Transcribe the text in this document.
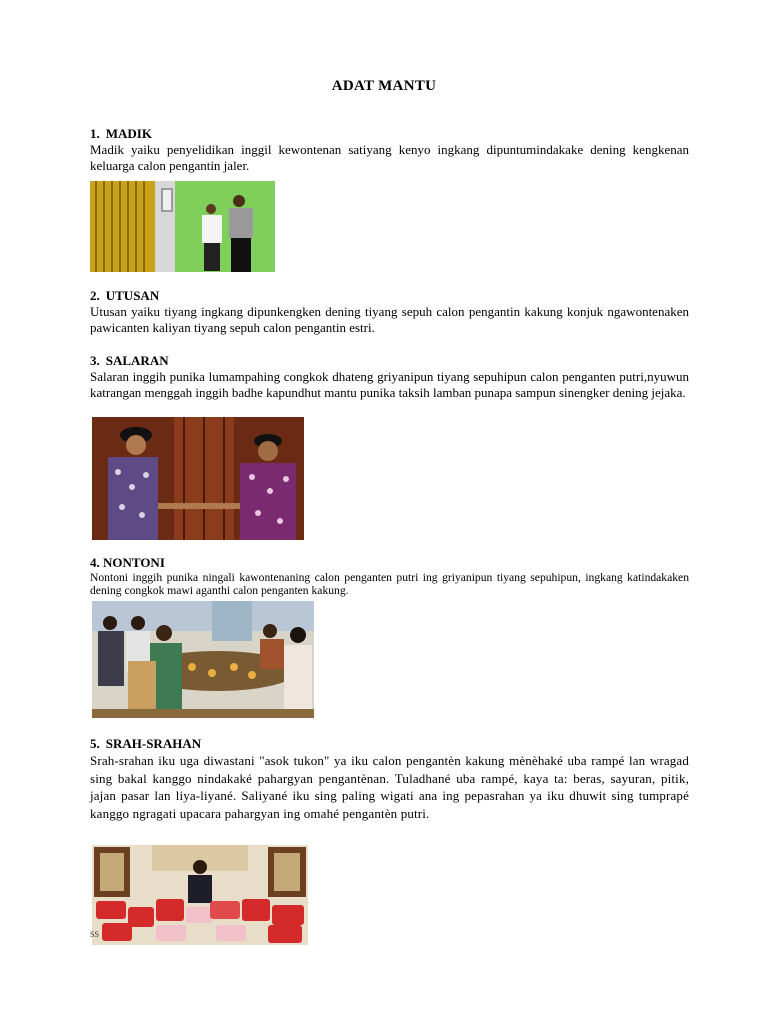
ADAT MANTU
1. MADIK
Madik yaiku penyelidikan inggil kewontenan satiyang kenyo ingkang dipuntumindakake dening kengkenan keluarga calon pengantin jaler.
2. UTUSAN
Utusan yaiku tiyang ingkang dipunkengken dening tiyang sepuh calon pengantin kakung konjuk ngawontenaken pawicanten kaliyan tiyang sepuh calon pengantin estri.
3. SALARAN
Salaran inggih punika lumampahing congkok dhateng griyanipun tiyang sepuhipun calon penganten putri,nyuwun katrangan menggah inggih badhe kapundhut mantu punika taksih lamban punapa sampun sinengker dening jejaka.
4. NONTONI
Nontoni inggih punika ningali kawontenaning calon penganten putri ing griyanipun tiyang sepuhipun, ingkang katindakaken dening congkok mawi aganthi calon penganten kakung.
5. SRAH-SRAHAN
Srah-srahan iku uga diwastani "asok tukon" ya iku calon pengantèn kakung mènèhaké uba rampé lan wragad sing bakal kanggo nindakaké pahargyan pengantènan. Tuladhané uba rampé, kaya ta: beras, sayuran, pitik, jajan pasar lan liya-liyané. Saliyané iku sing paling wigati ana ing pepasrahan ya iku dhuwit sing tumprapé kanggo ngragati upacara pahargyan ing omahé pengantèn putri.
SS
